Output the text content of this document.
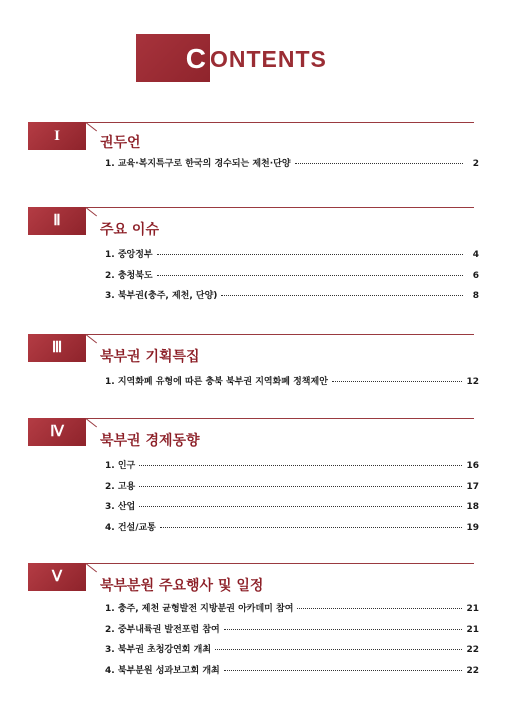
C ONTENTS
I	권두언
1. 교육·복지특구로 한국의 경수되는 제천·단양	2
Ⅱ
주요 이슈
1. 중앙정부	4
2. 충청북도	6
3. 북부권(충주, 제천, 단양)	8
Ⅲ
북부권 기획특집
1. 지역화폐 유형에 따른 충북 북부권 지역화폐 정책제안	12
Ⅳ
북부권 경제동향
1. 인구	16
2. 고용	17
3. 산업	18
4. 건설/교통	19
Ⅴ
북부분원 주요행사 및 일정
1. 충주, 제천 균형발전 지방분권 아카데미 참여	21
2. 중부내륙권 발전포럼 참여	21
3. 북부권 초청강연회 개최	22
4. 북부분원 성과보고회 개최	22
